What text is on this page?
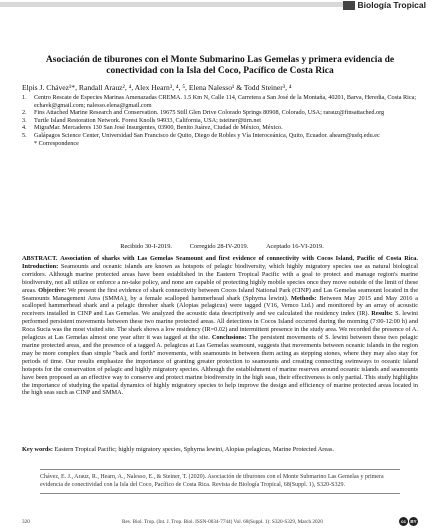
Biología Tropical
Asociación de tiburones con el Monte Submarino Las Gemelas y primera evidencia de conectividad con la Isla del Coco, Pacífico de Costa Rica
Elpis J. Chávez¹*, Randall Arauz², ⁴, Alex Hearn³, ⁴, ⁵, Elena Nalesso¹ & Todd Steiner³, ⁴
1.	Centro Rescate de Especies Marinas Amenazadas CREMA. 1.5 Km N, Calle 114, Carretera a San José de la Montaña, 40201, Barva, Heredia, Costa Rica; echavk@gmail.com; nalesso.elena@gmail.com
2.	Fins Attached Marine Research and Conservation. 19675 Still Glen Drive Colorado Springs 80908, Colorado, USA; rarauz@finsattached.org
3.	Turtle Island Restoration Network. Forest Knolls 94933, California, USA; tsteiner@tirn.net
4.	MigraMar. Mercaderes 130 San José Insurgentes, 03900, Benito Juárez, Ciudad de México, México.
5.	Galápagos Science Center, Universidad San Francisco de Quito, Diego de Robles y Vía Interoceánica, Quito, Ecuador. ahearn@usfq.edu.ec
* Correspondence
Recibido 30-I-2019.	Corregido 28-IV-2019.	Aceptado 16-VI-2019.
ABSTRACT. Association of sharks with Las Gemelas Seamount and first evidence of connectivity with Cocos Island, Pacific of Costa Rica. Introduction: Seamounts and oceanic islands are known as hotspots of pelagic biodiversity, which highly migratory species use as natural biological corridors. Although marine protected areas have been established in the Eastern Tropical Pacific with a goal to protect and manage region's marine biodiversity, not all utilize or enforce a no-take policy, and none are capable of protecting highly mobile species once they move outside of the limit of these areas. Objective: We present the first evidence of shark connectivity between Cocos Island National Park (CINP) and Las Gemelas seamount located in the Seamounts Management Area (SMMA), by a female scalloped hammerhead shark (Sphyrna lewini). Methods: Between May 2015 and May 2016 a scalloped hammerhead shark and a pelagic thresher shark (Alopias pelagicus) were tagged (V16, Vemco Ltd.) and monitored by an array of acoustic receivers installed in CINP and Las Gemelas. We analyzed the acoustic data descriptively and we calculated the residency index (IR). Results: S. lewini performed persistent movements between these two marine protected areas. All detections in Cocos Island occurred during the morning (7:00-12:00 h) and Roca Sucia was the most visited site. The shark shows a low residency (IR=0.02) and intermittent presence in the study area. We recorded the presence of A. pelagicus at Las Gemelas almost one year after it was tagged at the site. Conclusions: The persistent movements of S. lewini between these two pelagic marine protected areas, and the presence of a tagged A. pelagicus at Las Gemelas seamount, suggests that movements between oceanic islands in the region may be more complex than simple "back and forth" movements, with seamounts in between them acting as stepping stones, where they may also stay for periods of time. Our results emphasize the importance of granting greater protection to seamounts and creating connecting swimways to oceanic island hotspots for the conservation of pelagic and highly migratory species. Although the establishment of marine reserves around oceanic islands and seamounts have been proposed as an effective way to conserve and protect marine biodiversity in the high seas, their effectiveness is only partial. This study highlights the importance of studying the spatial dynamics of highly migratory species to help improve the design and efficiency of marine protected areas located in the high seas such as CINP and SMMA.
Key words: Eastern Tropical Pacific; highly migratory species, Sphyrna lewini, Alopias pelagicus, Marine Protected Areas.
Chávez, E. J., Arauz, R., Hearn, A., Nalesso, E., & Steiner, T. (2020). Asociación de tiburones con el Monte Submarino Las Gemelas y primera evidencia de conectividad con la Isla del Coco, Pacífico de Costa Rica. Revista de Biología Tropical, 68(Suppl. 1), S320-S329.
320	Rev. Biol. Trop. (Int. J. Trop. Biol. ISSN-0034-7744) Vol. 68(Suppl. 1): S320-S329, March 2020	cc BY
